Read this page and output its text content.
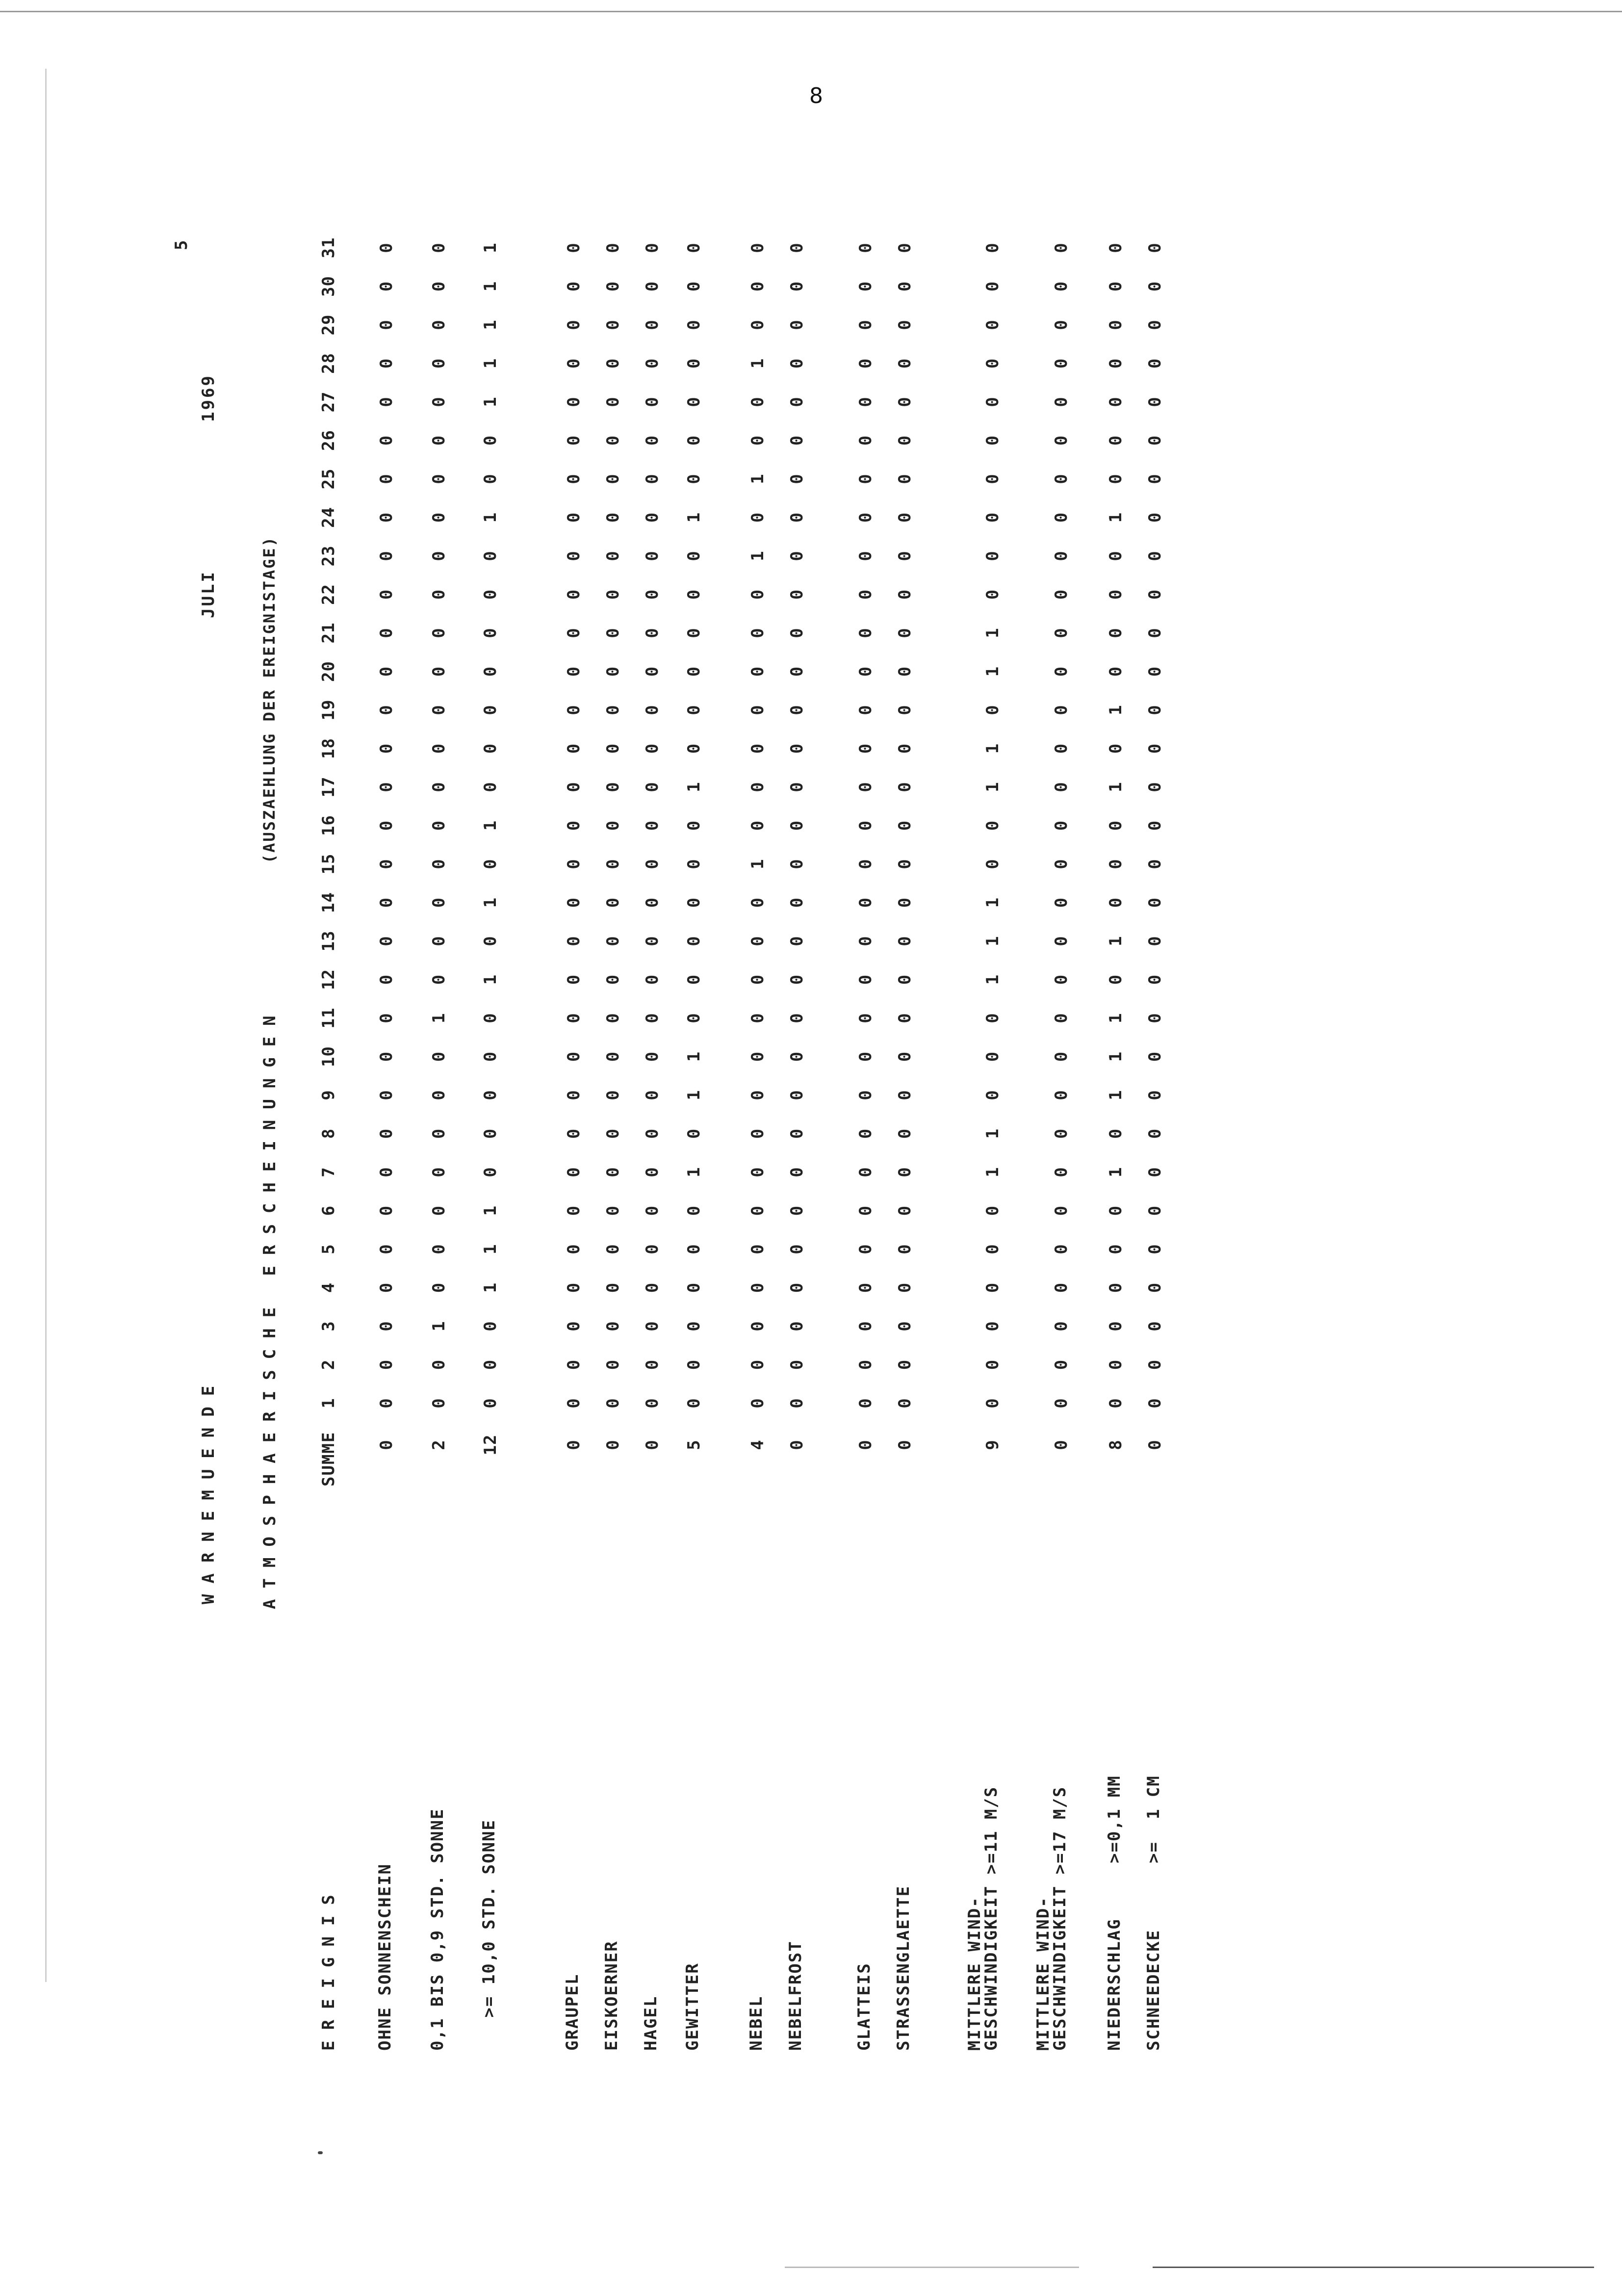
8
WARNEMUENDE
JULI
1969
5
ATMOSPHAERISCHE ERSCHEINUNGEN
(AUSZAEHLUNG DER EREIGNISTAGE)
EREIGNIS
SUMME
1
2
3
4
5
6
7
8
9
10
11
12
13
14
15
16
17
18
19
20
21
22
23
24
25
26
27
28
29
30
31
OHNE SONNENSCHEIN
0
0
0
0
0
0
0
0
0
0
0
0
0
0
0
0
0
0
0
0
0
0
0
0
0
0
0
0
0
0
0
0
0,1 BIS 0,9 STD. SONNE
2
0
0
1
0
0
0
0
0
0
0
1
0
0
0
0
0
0
0
0
0
0
0
0
0
0
0
0
0
0
0
0
>= 10,0 STD. SONNE
12
0
0
0
1
1
1
0
0
0
0
0
1
0
1
0
1
0
0
0
0
0
0
0
1
0
0
1
1
1
1
1
GRAUPEL
0
0
0
0
0
0
0
0
0
0
0
0
0
0
0
0
0
0
0
0
0
0
0
0
0
0
0
0
0
0
0
0
EISKOERNER
0
0
0
0
0
0
0
0
0
0
0
0
0
0
0
0
0
0
0
0
0
0
0
0
0
0
0
0
0
0
0
0
HAGEL
0
0
0
0
0
0
0
0
0
0
0
0
0
0
0
0
0
0
0
0
0
0
0
0
0
0
0
0
0
0
0
0
GEWITTER
5
0
0
0
0
0
0
1
0
1
1
0
0
0
0
0
0
1
0
0
0
0
0
0
1
0
0
0
0
0
0
0
NEBEL
4
0
0
0
0
0
0
0
0
0
0
0
0
0
0
1
0
0
0
0
0
0
0
1
0
1
0
0
1
0
0
0
NEBELFROST
0
0
0
0
0
0
0
0
0
0
0
0
0
0
0
0
0
0
0
0
0
0
0
0
0
0
0
0
0
0
0
0
GLATTEIS
0
0
0
0
0
0
0
0
0
0
0
0
0
0
0
0
0
0
0
0
0
0
0
0
0
0
0
0
0
0
0
0
STRASSENGLAETTE
0
0
0
0
0
0
0
0
0
0
0
0
0
0
0
0
0
0
0
0
0
0
0
0
0
0
0
0
0
0
0
0
MITTLERE WIND-
GESCHWINDIGKEIT >=11 M/S
9
0
0
0
0
0
0
1
1
0
0
0
1
1
1
0
0
1
1
0
1
1
0
0
0
0
0
0
0
0
0
0
MITTLERE WIND-
GESCHWINDIGKEIT >=17 M/S
0
0
0
0
0
0
0
0
0
0
0
0
0
0
0
0
0
0
0
0
0
0
0
0
0
0
0
0
0
0
0
0
NIEDERSCHLAG     >=0,1 MM
8
0
0
0
0
0
0
1
0
1
1
1
0
1
0
0
0
1
0
1
0
0
0
0
1
0
0
0
0
0
0
0
SCHNEEDECKE      >=  1 CM
0
0
0
0
0
0
0
0
0
0
0
0
0
0
0
0
0
0
0
0
0
0
0
0
0
0
0
0
0
0
0
0
